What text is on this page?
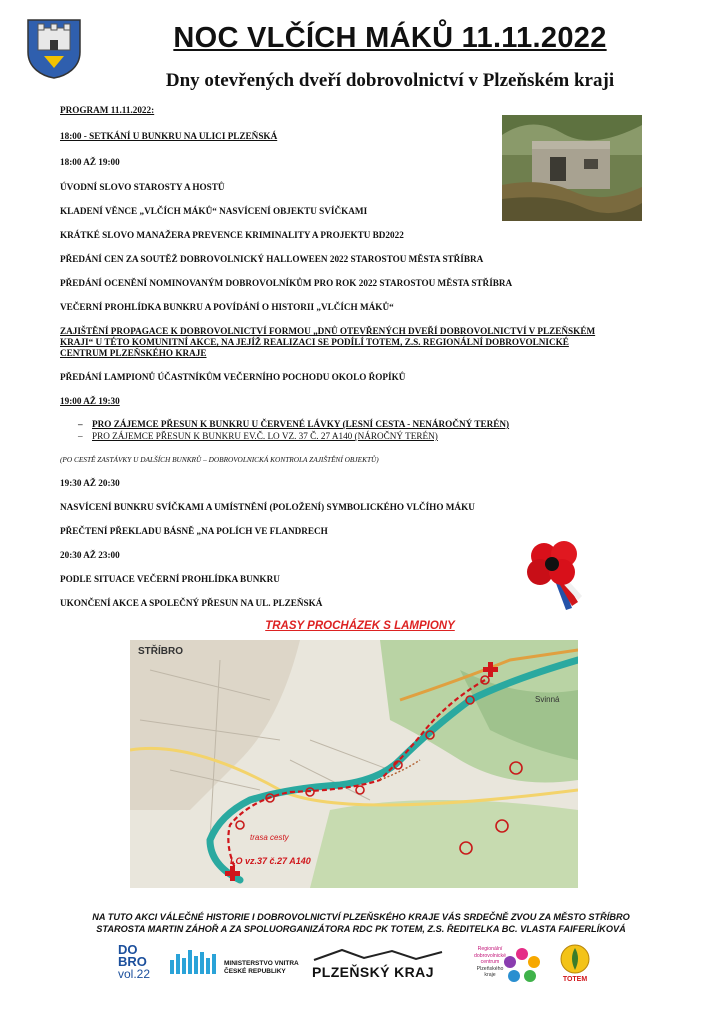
NOC VLČÍCH MÁKŮ 11.11.2022
Dny otevřených dveří dobrovolnictví v Plzeňském kraji
PROGRAM 11.11.2022:
18:00 - SETKÁNÍ U BUNKRU NA ULICI PLZEŇSKÁ
18:00 AŽ 19:00
ÚVODNÍ SLOVO STAROSTY A HOSTŮ
KLADENÍ VĚNCE „VLČÍCH MÁKŮ“ NASVÍCENÍ OBJEKTU SVÍČKAMI
KRÁTKÉ SLOVO MANAŽERA PREVENCE KRIMINALITY A PROJEKTU BD2022
PŘEDÁNÍ CEN ZA SOUTĚŽ DOBROVOLNICKÝ HALLOWEEN 2022 STAROSTOU MĚSTA STŘÍBRA
PŘEDÁNÍ OCENĚNÍ NOMINOVANÝM DOBROVOLNÍKŮM PRO ROK 2022 STAROSTOU MĚSTA STŘÍBRA
VEČERNÍ PROHLÍDKA BUNKRU A POVÍDÁNÍ O HISTORII „VLČÍCH MÁKŮ“
ZAJIŠTĚNÍ PROPAGACE K DOBROVOLNICTVÍ FORMOU „DNŮ OTEVŘENÝCH DVEŘÍ DOBROVOLNICTVÍ V PLZEŇSKÉM
KRAJI“ U TÉTO KOMUNITNÍ AKCE, NA JEJÍŽ REALIZACI SE PODÍLÍ TOTEM, Z.S. REGIONÁLNÍ DOBROVOLNICKÉ
CENTRUM PLZEŇSKÉHO KRAJE
PŘEDÁNÍ LAMPIONŮ ÚČASTNÍKŮM VEČERNÍHO POCHODU OKOLO ŘOPÍKŮ
19:00 AŽ 19:30
– PRO ZÁJEMCE PŘESUN K BUNKRU U ČERVENÉ LÁVKY (LESNÍ CESTA - NENÁROČNÝ TERÉN)
– PRO ZÁJEMCE PŘESUN K BUNKRU EV.Č. LO VZ. 37 Č. 27 A140 (NÁROČNÝ TERÉN)
(PO CESTĚ ZASTÁVKY U DALŠÍCH BUNKRŮ – DOBROVOLNICKÁ KONTROLA ZAJIŠTĚNÍ OBJEKTŮ)
19:30 AŽ 20:30
NASVÍCENÍ BUNKRU SVÍČKAMI A UMÍSTNĚNÍ (POLOŽENÍ) SYMBOLICKÉHO VLČÍHO MÁKU
PŘEČTENÍ PŘEKLADU BÁSNĚ „NA POLÍCH VE FLANDRECH
20:30 AŽ 23:00
PODLE SITUACE VEČERNÍ PROHLÍDKA BUNKRU
UKONČENÍ AKCE A SPOLEČNÝ PŘESUN NA UL. PLZEŇSKÁ
TRASY PROCHÁZEK S LAMPIONY
STŘÍBRO
Svinná
trasa cesty
LO vz.37 č.27 A140
NA TUTO AKCI VÁLEČNÉ HISTORIE I DOBROVOLNICTVÍ PLZEŇSKÉHO KRAJE VÁS SRDEČNĚ ZVOU ZA MĚSTO STŘÍBRO
STAROSTA MARTIN ZÁHOŘ A ZA SPOLUORGANIZÁTORA RDC PK TOTEM, Z.S. ŘEDITELKA BC. VLASTA FAIFERLÍKOVÁ
DO
BRO
vol.22
MINISTERSTVO VNITRA
ČESKÉ REPUBLIKY	PLZEŇSKÝ KRAJ
Regionální
dobrovolnické
centrum
Plzeňského
kraje
TOTEM
